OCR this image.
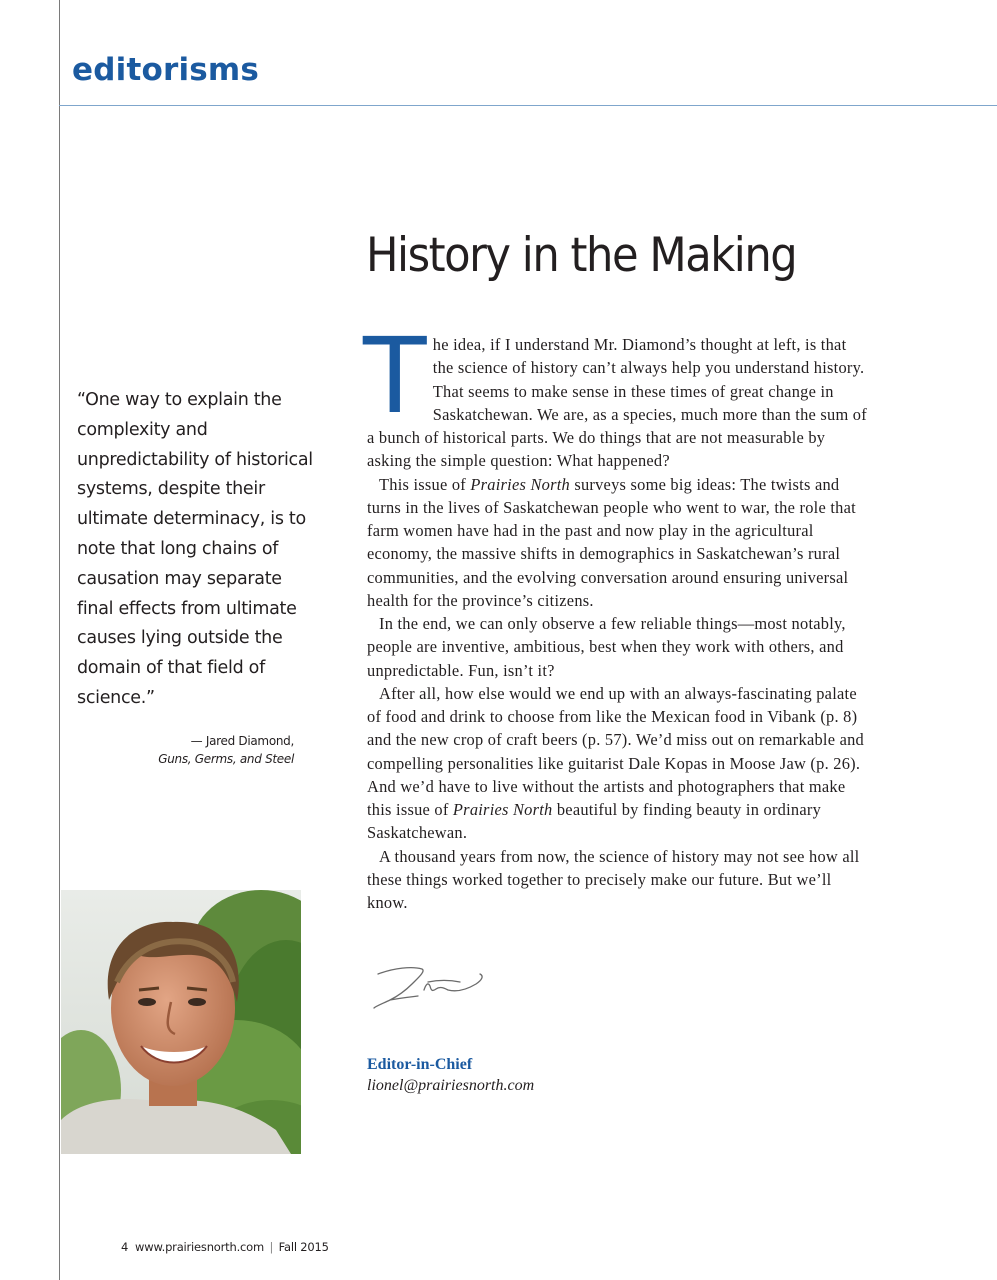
editorisms
History in the Making

“One way to explain the complexity and unpredictability of historical systems, despite their ultimate determinacy, is to note that long chains of causation may separate final effects from ultimate causes lying outside the domain of that field of science.”

— Jared Diamond,
Guns, Germs, and Steel

The idea, if I understand Mr. Diamond’s thought at left, is that the science of history can’t always help you understand history. That seems to make sense in these times of great change in Saskatchewan. We are, as a species, much more than the sum of a bunch of historical parts. We do things that are not measurable by asking the simple question: What happened?

This issue of Prairies North surveys some big ideas: The twists and turns in the lives of Saskatchewan people who went to war, the role that farm women have had in the past and now play in the agricultural economy, the massive shifts in demographics in Saskatchewan’s rural communities, and the evolving conversation around ensuring universal health for the province’s citizens.

In the end, we can only observe a few reliable things—most notably, people are inventive, ambitious, best when they work with others, and unpredictable. Fun, isn’t it?

After all, how else would we end up with an always-fascinating palate of food and drink to choose from like the Mexican food in Vibank (p. 8) and the new crop of craft beers (p. 57). We’d miss out on remarkable and compelling personalities like guitarist Dale Kopas in Moose Jaw (p. 26). And we’d have to live without the artists and photographers that make this issue of Prairies North beautiful by finding beauty in ordinary Saskatchewan.

A thousand years from now, the science of history may not see how all these things worked together to precisely make our future. But we’ll know.

Editor-in-Chief

lionel@prairiesnorth.com

4 www.prairiesnorth.com | Fall 2015
